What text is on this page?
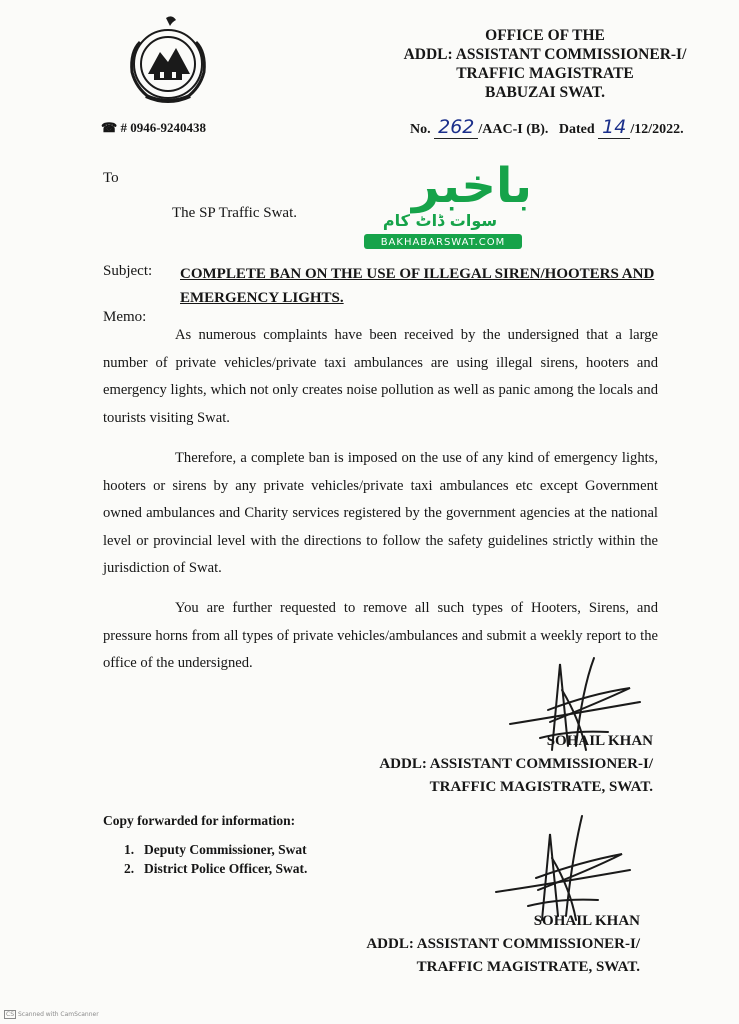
OFFICE OF THE
ADDL: ASSISTANT COMMISSIONER-I/
TRAFFIC MAGISTRATE
BABUZAI SWAT.
☎ # 0946-9240438	No. 262 /AAC-I (B). Dated 14 /12/2022.
باخبر
سوات ڈاٹ کام
BAKHABARSWAT.COM
To
The SP Traffic Swat.
Subject: COMPLETE BAN ON THE USE OF ILLEGAL SIREN/HOOTERS AND EMERGENCY LIGHTS.
Memo:
As numerous complaints have been received by the undersigned that a large number of private vehicles/private taxi ambulances are using illegal sirens, hooters and emergency lights, which not only creates noise pollution as well as panic among the locals and tourists visiting Swat.
Therefore, a complete ban is imposed on the use of any kind of emergency lights, hooters or sirens by any private vehicles/private taxi ambulances etc except Government owned ambulances and Charity services registered by the government agencies at the national level or provincial level with the directions to follow the safety guidelines strictly within the jurisdiction of Swat.
You are further requested to remove all such types of Hooters, Sirens, and pressure horns from all types of private vehicles/ambulances and submit a weekly report to the office of the undersigned.
SOHAIL KHAN
ADDL: ASSISTANT COMMISSIONER-I/
TRAFFIC MAGISTRATE, SWAT.
Copy forwarded for information:
1. Deputy Commissioner, Swat
2. District Police Officer, Swat.
SOHAIL KHAN
ADDL: ASSISTANT COMMISSIONER-I/
TRAFFIC MAGISTRATE, SWAT.
CS Scanned with CamScanner
